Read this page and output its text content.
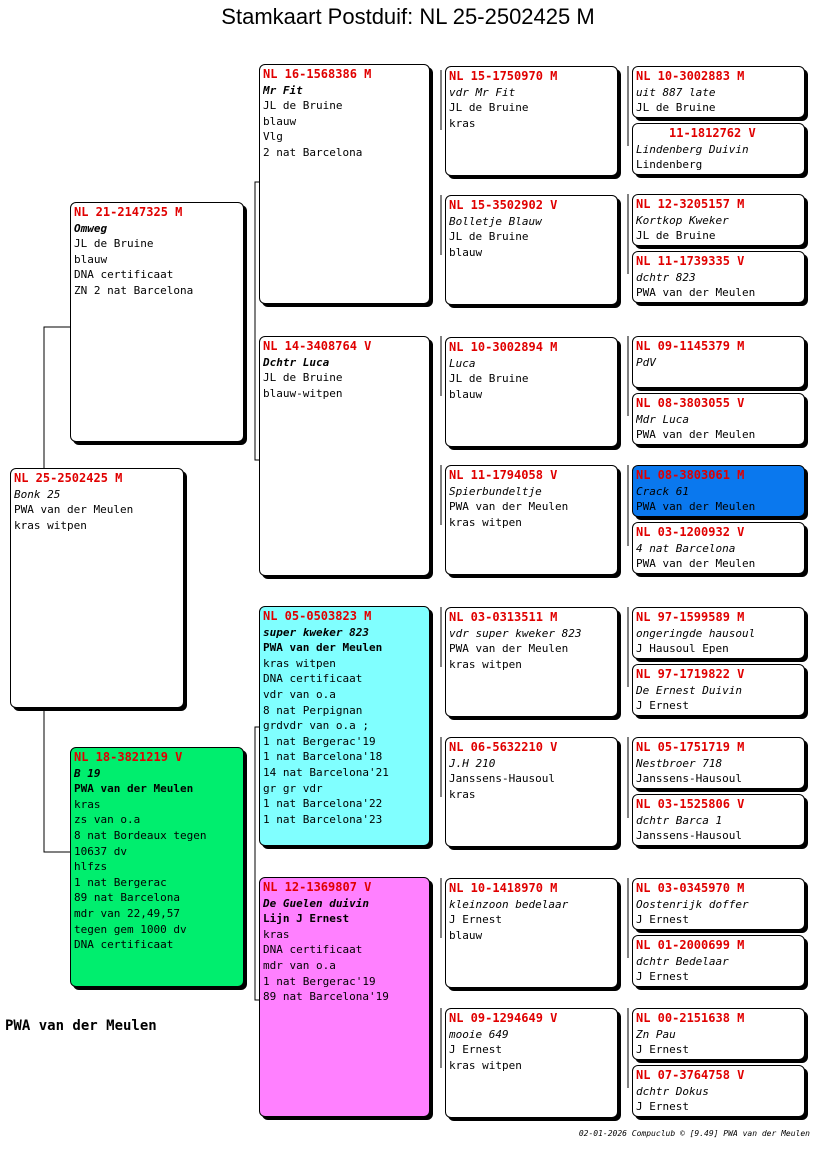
Stamkaart Postduif: NL 25-2502425 M
NL 25-2502425 M
Bonk 25
PWA van der Meulen
kras witpen
NL 21-2147325 M
Omweg
JL de Bruine
blauw
DNA certificaat
ZN 2 nat Barcelona
NL 18-3821219 V
B 19
PWA van der Meulen
kras
zs van o.a
8 nat Bordeaux tegen
10637 dv
hlfzs
1 nat Bergerac
89 nat Barcelona
mdr van 22,49,57
tegen gem 1000 dv
DNA certificaat
NL 16-1568386 M
Mr Fit
JL de Bruine
blauw
Vlg
2 nat Barcelona
NL 14-3408764 V
Dchtr Luca
JL de Bruine
blauw-witpen
NL 05-0503823 M
super kweker 823
PWA van der Meulen
kras witpen
DNA certificaat
vdr van o.a
8 nat Perpignan
grdvdr van o.a ;
1 nat Bergerac'19
1 nat Barcelona'18
14 nat Barcelona'21
gr gr vdr
1 nat Barcelona'22
1 nat Barcelona'23
NL 12-1369807 V
De Guelen duivin
Lijn J Ernest
kras
DNA certificaat
mdr van o.a
1 nat Bergerac'19
89 nat Barcelona'19
NL 15-1750970 M
vdr Mr Fit
JL de Bruine
kras
NL 15-3502902 V
Bolletje Blauw
JL de Bruine
blauw
NL 10-3002894 M
Luca
JL de Bruine
blauw
NL 11-1794058 V
Spierbundeltje
PWA van der Meulen
kras witpen
NL 03-0313511 M
vdr super kweker 823
PWA van der Meulen
kras witpen
NL 06-5632210 V
J.H 210
Janssens-Hausoul
kras
NL 10-1418970 M
kleinzoon bedelaar
J Ernest
blauw
NL 09-1294649 V
mooie 649
J Ernest
kras witpen
NL 10-3002883 M
uit 887 late
JL de Bruine
11-1812762 V
Lindenberg Duivin
Lindenberg
NL 12-3205157 M
Kortkop Kweker
JL de Bruine
NL 11-1739335 V
dchtr 823
PWA van der Meulen
NL 09-1145379 M
PdV
NL 08-3803055 V
Mdr Luca
PWA van der Meulen
NL 08-3803061 M
Crack 61
PWA van der Meulen
NL 03-1200932 V
4 nat Barcelona
PWA van der Meulen
NL 97-1599589 M
ongeringde hausoul
J Hausoul Epen
NL 97-1719822 V
De Ernest Duivin
J Ernest
NL 05-1751719 M
Nestbroer 718
Janssens-Hausoul
NL 03-1525806 V
dchtr Barca 1
Janssens-Hausoul
NL 03-0345970 M
Oostenrijk doffer
J Ernest
NL 01-2000699 M
dchtr Bedelaar
J Ernest
NL 00-2151638 M
Zn Pau
J Ernest
NL 07-3764758 V
dchtr Dokus
J Ernest
PWA van der Meulen
02-01-2026 Compuclub © [9.49] PWA van der Meulen
